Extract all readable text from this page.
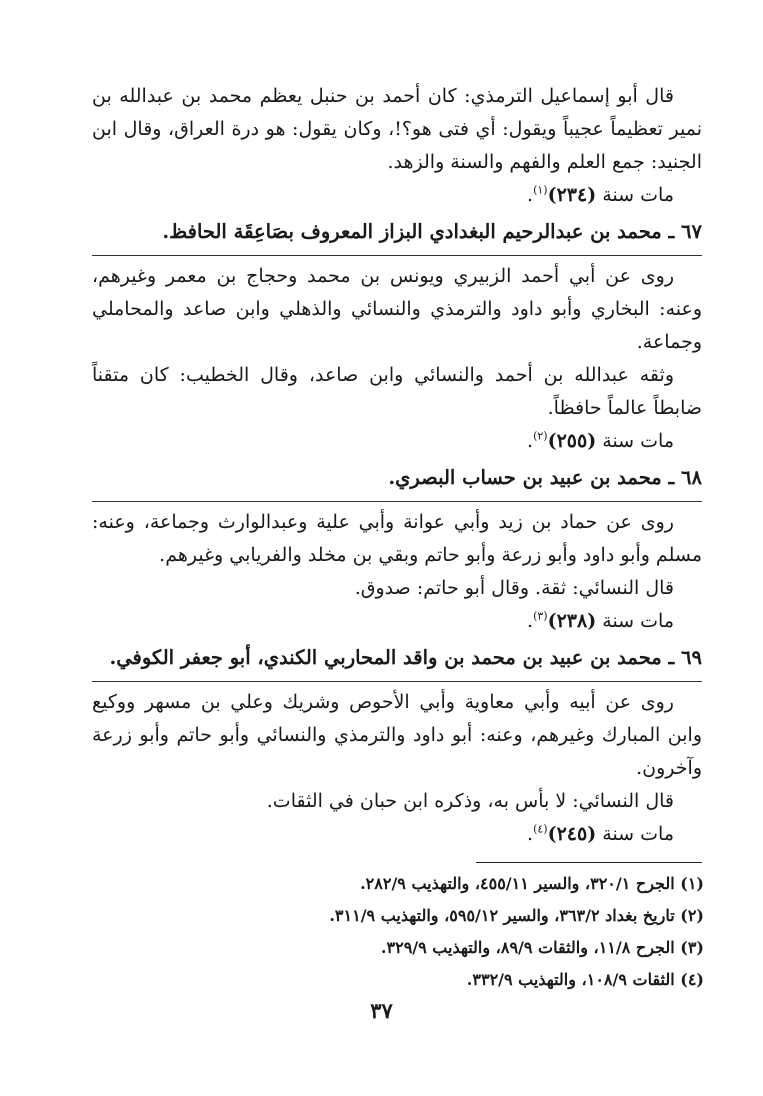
قال أبو إسماعيل الترمذي: كان أحمد بن حنبل يعظم محمد بن عبدالله بن نمير تعظيماً عجيباً ويقول: أي فتى هو؟!، وكان يقول: هو درة العراق، وقال ابن الجنيد: جمع العلم والفهم والسنة والزهد.

مات سنة (٢٣٤)$^{(١)}$.

٦٧ ـ محمد بن عبدالرحيم البغدادي البزاز المعروف بصَاعِقَة الحافظ.

روى عن أبي أحمد الزبيري ويونس بن محمد وحجاج بن معمر وغيرهم، وعنه: البخاري وأبو داود والترمذي والنسائي والذهلي وابن صاعد والمحاملي وجماعة.

وثقه عبدالله بن أحمد والنسائي وابن صاعد، وقال الخطيب: كان متقناً ضابطاً عالماً حافظاً.

مات سنة (٢٥٥)$^{(٢)}$.

٦٨ ـ محمد بن عبيد بن حساب البصري.

روى عن حماد بن زيد وأبي عوانة وأبي علية وعبدالوارث وجماعة، وعنه: مسلم وأبو داود وأبو زرعة وأبو حاتم وبقي بن مخلد والفريابي وغيرهم.

قال النسائي: ثقة. وقال أبو حاتم: صدوق.

مات سنة (٢٣٨)$^{(٣)}$.

٦٩ ـ محمد بن عبيد بن محمد بن واقد المحاربي الكندي، أبو جعفر الكوفي.

روى عن أبيه وأبي معاوية وأبي الأحوص وشريك وعلي بن مسهر ووكيع وابن المبارك وغيرهم، وعنه: أبو داود والترمذي والنسائي وأبو حاتم وأبو زرعة وآخرون.

قال النسائي: لا بأس به، وذكره ابن حبان في الثقات.

مات سنة (٢٤٥)$^{(٤)}$.

(١) الجرح ٣٢٠/١، والسير ٤٥٥/١١، والتهذيب ٢٨٢/٩.

(٢) تاريخ بغداد ٣٦٣/٢، والسير ٥٩٥/١٢، والتهذيب ٣١١/٩.

(٣) الجرح ١١/٨، والثقات ٨٩/٩، والتهذيب ٣٢٩/٩.

(٤) الثقات ١٠٨/٩، والتهذيب ٣٣٢/٩.

٣٧
